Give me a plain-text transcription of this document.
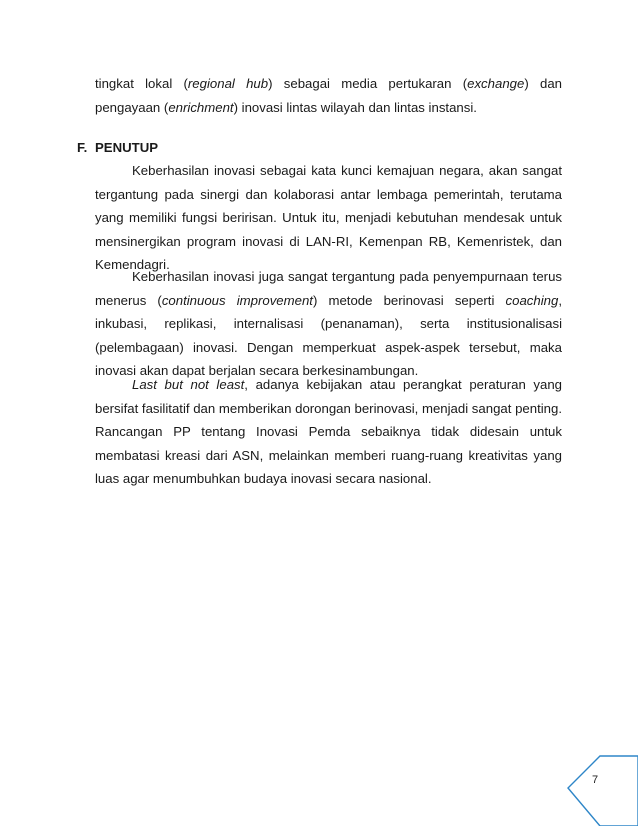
tingkat lokal (regional hub) sebagai media pertukaran (exchange) dan pengayaan (enrichment) inovasi lintas wilayah dan lintas instansi.

F. PENUTUP

Keberhasilan inovasi sebagai kata kunci kemajuan negara, akan sangat tergantung pada sinergi dan kolaborasi antar lembaga pemerintah, terutama yang memiliki fungsi beririsan. Untuk itu, menjadi kebutuhan mendesak untuk mensinergikan program inovasi di LAN-RI, Kemenpan RB, Kemenristek, dan Kemendagri.

Keberhasilan inovasi juga sangat tergantung pada penyempurnaan terus menerus (continuous improvement) metode berinovasi seperti coaching, inkubasi, replikasi, internalisasi (penanaman), serta institusionalisasi (pelembagaan) inovasi. Dengan memperkuat aspek-aspek tersebut, maka inovasi akan dapat berjalan secara berkesinambungan.

Last but not least, adanya kebijakan atau perangkat peraturan yang bersifat fasilitatif dan memberikan dorongan berinovasi, menjadi sangat penting. Rancangan PP tentang Inovasi Pemda sebaiknya tidak didesain untuk membatasi kreasi dari ASN, melainkan memberi ruang-ruang kreativitas yang luas agar menumbuhkan budaya inovasi secara nasional.

7
